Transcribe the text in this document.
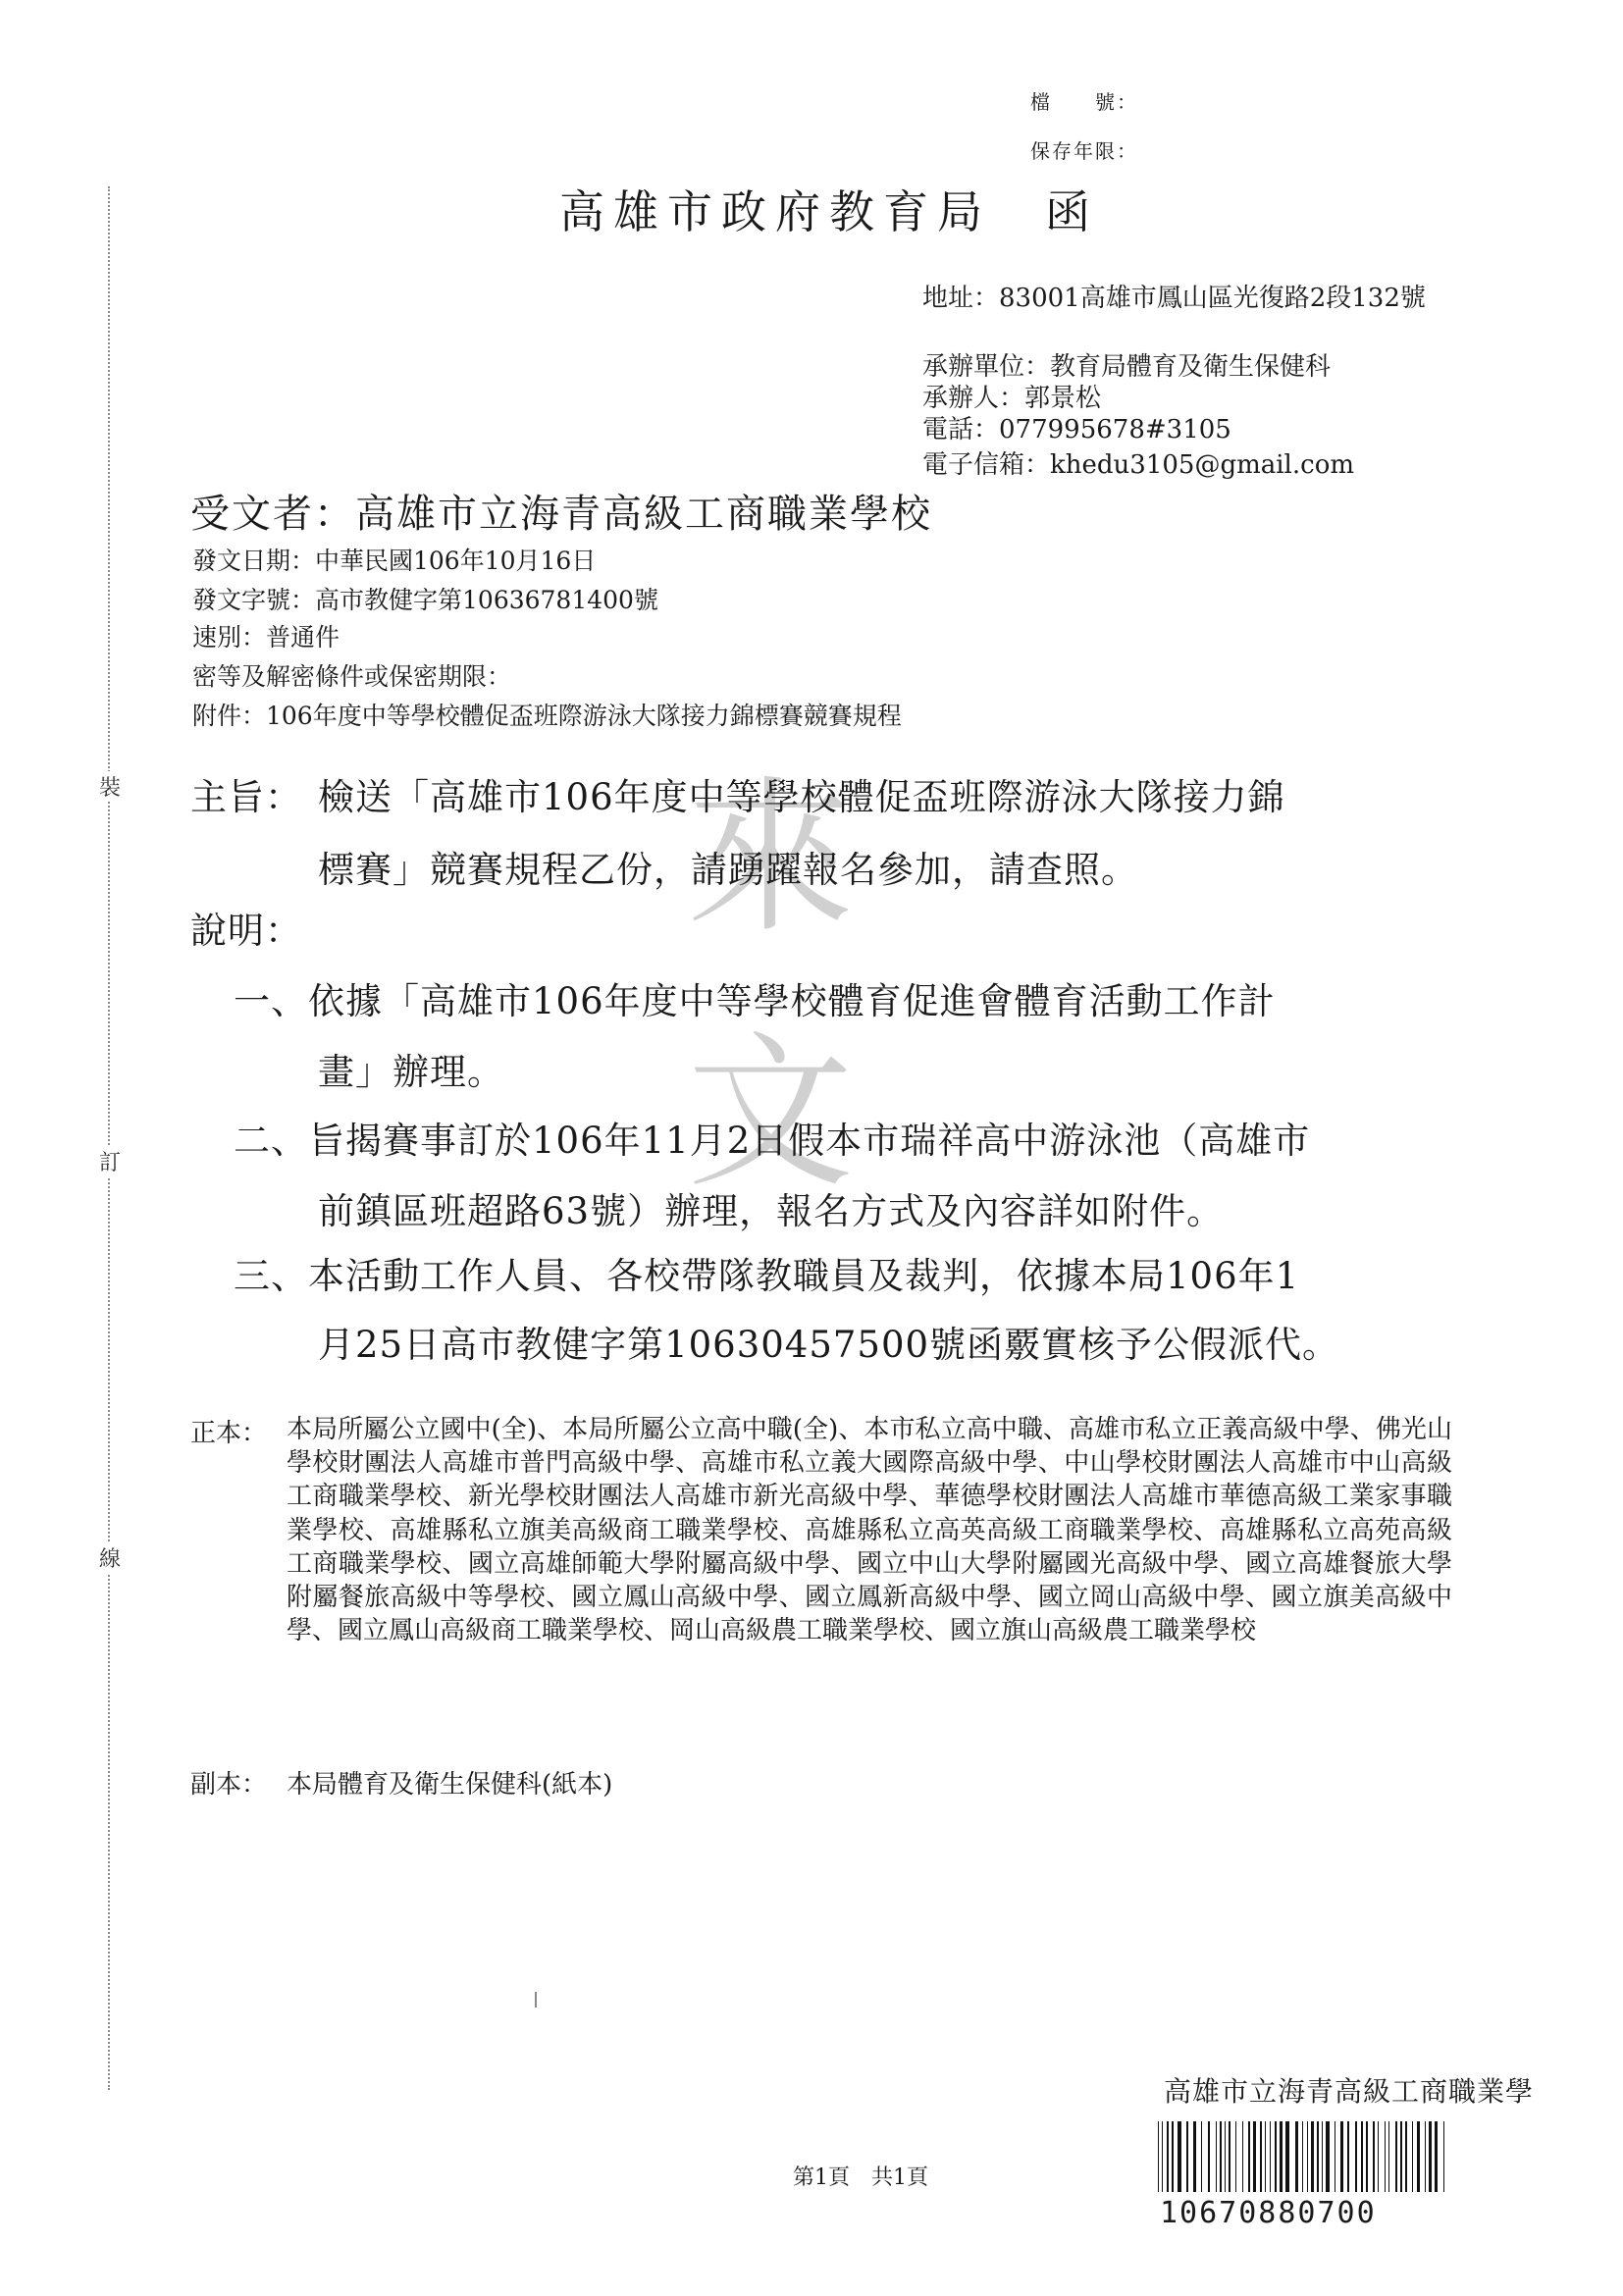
檔　　號：
保存年限：
高雄市政府教育局　函
地址：83001高雄市鳳山區光復路2段132號
承辦單位：教育局體育及衛生保健科
承辦人：郭景松
電話：077995678#3105
電子信箱：khedu3105@gmail.com
受文者：高雄市立海青高級工商職業學校
發文日期：中華民國106年10月16日
發文字號：高市教健字第10636781400號
速別：普通件
密等及解密條件或保密期限：
附件：106年度中等學校體促盃班際游泳大隊接力錦標賽競賽規程
來
文
主旨： 檢送「高雄市106年度中等學校體促盃班際游泳大隊接力錦
標賽」競賽規程乙份，請踴躍報名參加，請查照。
說明：
一、依據「高雄市106年度中等學校體育促進會體育活動工作計
畫」辦理。
二、旨揭賽事訂於106年11月2日假本市瑞祥高中游泳池（高雄市
前鎮區班超路63號）辦理，報名方式及內容詳如附件。
三、本活動工作人員、各校帶隊教職員及裁判，依據本局106年1
月25日高市教健字第10630457500號函覈實核予公假派代。
正本： 本局所屬公立國中(全)、本局所屬公立高中職(全)、本市私立高中職、高雄市私立正義高級中學、佛光山學校財團法人高雄市普門高級中學、高雄市私立義大國際高級中學、中山學校財團法人高雄市中山高級工商職業學校、新光學校財團法人高雄市新光高級中學、華德學校財團法人高雄市華德高級工業家事職業學校、高雄縣私立旗美高級商工職業學校、高雄縣私立高英高級工商職業學校、高雄縣私立高苑高級工商職業學校、國立高雄師範大學附屬高級中學、國立中山大學附屬國光高級中學、國立高雄餐旅大學附屬餐旅高級中等學校、國立鳳山高級中學、國立鳳新高級中學、國立岡山高級中學、國立旗美高級中學、國立鳳山高級商工職業學校、岡山高級農工職業學校、國立旗山高級農工職業學校
副本： 本局體育及衛生保健科(紙本)
裝
訂
線
第1頁　共1頁
高雄市立海青高級工商職業學
10670880700
